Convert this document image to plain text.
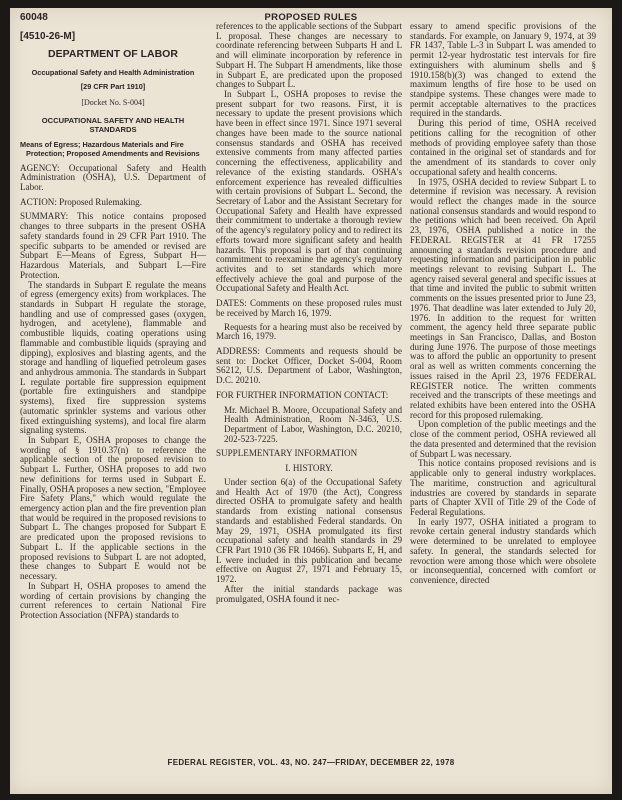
60048	PROPOSED RULES
[4510-26-M]
DEPARTMENT OF LABOR
Occupational Safety and Health Administration
[29 CFR Part 1910]
[Docket No. S-004]
OCCUPATIONAL SAFETY AND HEALTH STANDARDS
Means of Egress; Hazardous Materials and Fire Protection; Proposed Amendments and Revisions

AGENCY: Occupational Safety and Health Administration (OSHA), U.S. Department of Labor.

ACTION: Proposed Rulemaking.

SUMMARY: This notice contains proposed changes to three subparts in the present OSHA safety standards found in 29 CFR Part 1910. The specific subparts to be amended or revised are Subpart E—Means of Egress, Subpart H—Hazardous Materials, and Subpart L—Fire Protection.

The standards in Subpart E regulate the means of egress (emergency exits) from workplaces. The standards in Subpart H regulate the storage, handling and use of compressed gases (oxygen, hydrogen, and acetylene), flammable and combustible liquids, coating operations using flammable and combustible liquids (spraying and dipping), explosives and blasting agents, and the storage and handling of liquefied petroleum gases and anhydrous ammonia. The standards in Subpart L regulate portable fire suppression equipment (portable fire extinguishers and standpipe systems), fixed fire suppression systems (automatic sprinkler systems and various other fixed extinguishing systems), and local fire alarm signaling systems.

In Subpart E, OSHA proposes to change the wording of § 1910.37(n) to reference the applicable section of the proposed revision to Subpart L. Further, OSHA proposes to add two new definitions for terms used in Subpart E. Finally, OSHA proposes a new section, "Employee Fire Safety Plans," which would regulate the emergency action plan and the fire prevention plan that would be required in the proposed revisions to Subpart L. The changes proposed for Subpart E are predicated upon the proposed revisions to Subpart L. If the applicable sections in the proposed revisions to Subpart L are not adopted, these changes to Subpart E would not be necessary.

In Subpart H, OSHA proposes to amend the wording of certain provisions by changing the current references to certain National Fire Protection Association (NFPA) standards to

references to the applicable sections of the Subpart L proposal. These changes are necessary to coordinate referencing between Subparts H and L and will eliminate incorporation by reference in Subpart H. The Subpart H amendments, like those in Subpart E, are predicated upon the proposed changes to Subpart L.

In Subpart L, OSHA proposes to revise the present subpart for two reasons. First, it is necessary to update the present provisions which have been in effect since 1971. Since 1971 several changes have been made to the source national consensus standards and OSHA has received extensive comments from many affected parties concerning the effectiveness, applicability and relevance of the existing standards. OSHA's enforcement experience has revealed difficulties with certain provisions of Subpart L. Second, the Secretary of Labor and the Assistant Secretary for Occupational Safety and Health have expressed their commitment to undertake a thorough review of the agency's regulatory policy and to redirect its efforts toward more significant safety and health hazards. This proposal is part of that continuing commitment to reexamine the agency's regulatory activites and to set standards which more effectively achieve the goal and purpose of the Occupational Safety and Health Act.

DATES: Comments on these proposed rules must be received by March 16, 1979.

Requests for a hearing must also be received by March 16, 1979.

ADDRESS: Comments and requests should be sent to: Docket Officer, Docket S-004, Room S6212, U.S. Department of Labor, Washington, D.C. 20210.

FOR FURTHER INFORMATION CONTACT:

Mr. Michael B. Moore, Occupational Safety and Health Administration, Room N-3463, U.S. Department of Labor, Washington, D.C. 20210, 202-523-7225.

SUPPLEMENTARY INFORMATION

I. HISTORY.

Under section 6(a) of the Occupational Safety and Health Act of 1970 (the Act), Congress directed OSHA to promulgate safety and health standards from existing national consensus standards and established Federal standards. On May 29, 1971, OSHA promulgated its first occupational safety and health standards in 29 CFR Part 1910 (36 FR 10466). Subparts E, H, and L were included in this publication and became effective on August 27, 1971 and February 15, 1972.

After the initial standards package was promulgated, OSHA found it nec-

essary to amend specific provisions of the standards. For example, on January 9, 1974, at 39 FR 1437, Table L-3 in Subpart L was amended to permit 12-year hydrostatic test intervals for fire extinguishers with aluminum shells and § 1910.158(b)(3) was changed to extend the maximum lengths of fire hose to be used on standpipe systems. These changes were made to permit acceptable alternatives to the practices required in the standards.

During this period of time, OSHA received petitions calling for the recognition of other methods of providing employee safety than those contained in the original set of standards and for the amendment of its standards to cover only occupational safety and health concerns.

In 1975, OSHA decided to review Subpart L to determine if revision was necessary. A revision would reflect the changes made in the source national consensus standards and would respond to the petitions which had been received. On April 23, 1976, OSHA published a notice in the FEDERAL REGISTER at 41 FR 17255 announcing a standards revision procedure and requesting information and participation in public meetings relevant to revising Subpart L. The agency raised several general and specific issues at that time and invited the public to submit written comments on the issues presented prior to June 23, 1976. That deadline was later extended to July 20, 1976. In addition to the request for written comment, the agency held three separate public meetings in San Francisco, Dallas, and Boston during June 1976. The purpose of those meetings was to afford the public an opportunity to present oral as well as written comments concerning the issues raised in the April 23, 1976 FEDERAL REGISTER notice. The written comments received and the transcripts of these meetings and related exhibits have been entered into the OSHA record for this proposed rulemaking.

Upon completion of the public meetings and the close of the comment period, OSHA reviewed all the data presented and determined that the revision of Subpart L was necessary.

This notice contains proposed revisions and is applicable only to general industry workplaces. The maritime, construction and agricultural industries are covered by standards in separate parts of Chapter XVII of Title 29 of the Code of Federal Regulations.

In early 1977, OSHA initiated a program to revoke certain general industry standards which were determined to be unrelated to employee safety. In general, the standards selected for revoction were among those which were obsolete or inconsequential, concerned with comfort or convenience, directed

FEDERAL REGISTER, VOL. 43, NO. 247—FRIDAY, DECEMBER 22, 1978
